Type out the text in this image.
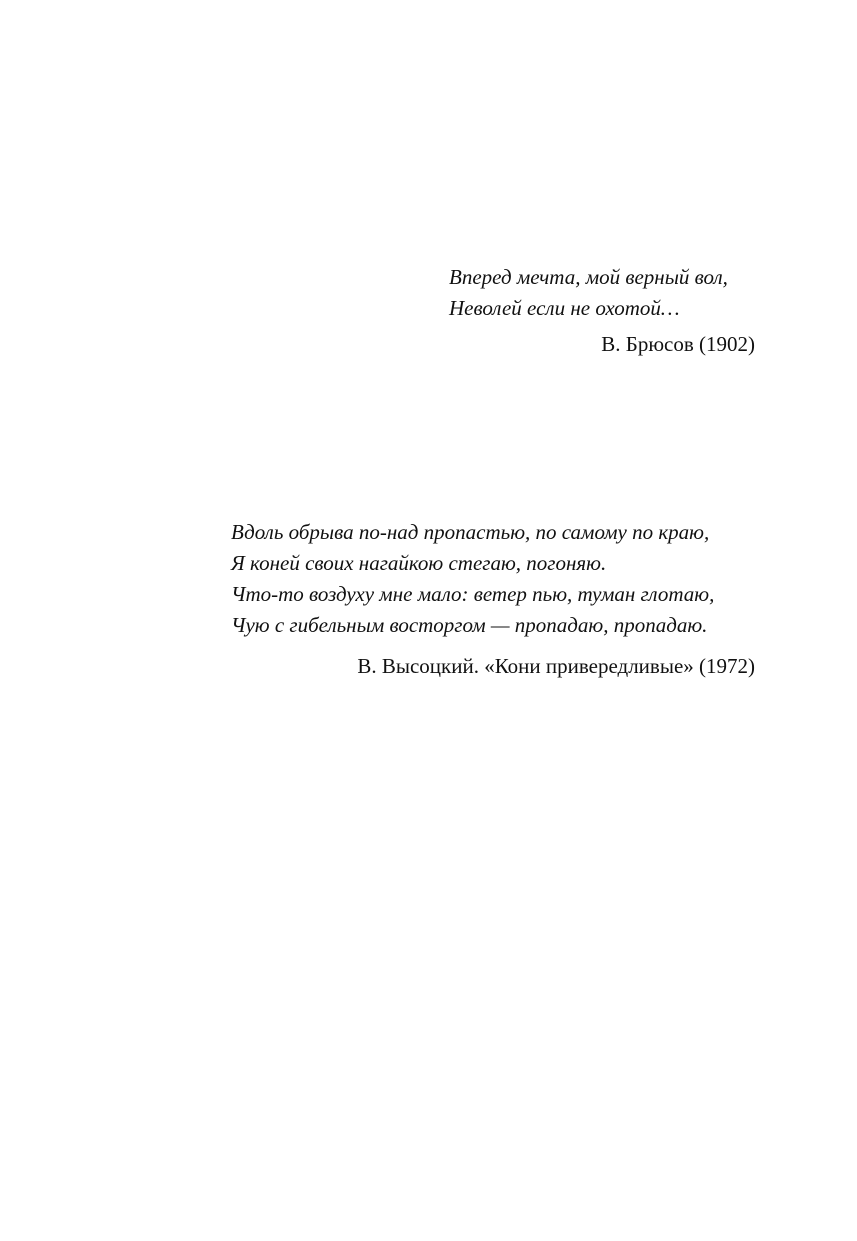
Вперед мечта, мой верный вол,
Неволей если не охотой…
В. Брюсов (1902)
Вдоль обрыва по-над пропастью, по самому по краю,
Я коней своих нагайкою стегаю, погоняю.
Что-то воздуху мне мало: ветер пью, туман глотаю,
Чую с гибельным восторгом — пропадаю, пропадаю.
В. Высоцкий. «Кони привередливые» (1972)
